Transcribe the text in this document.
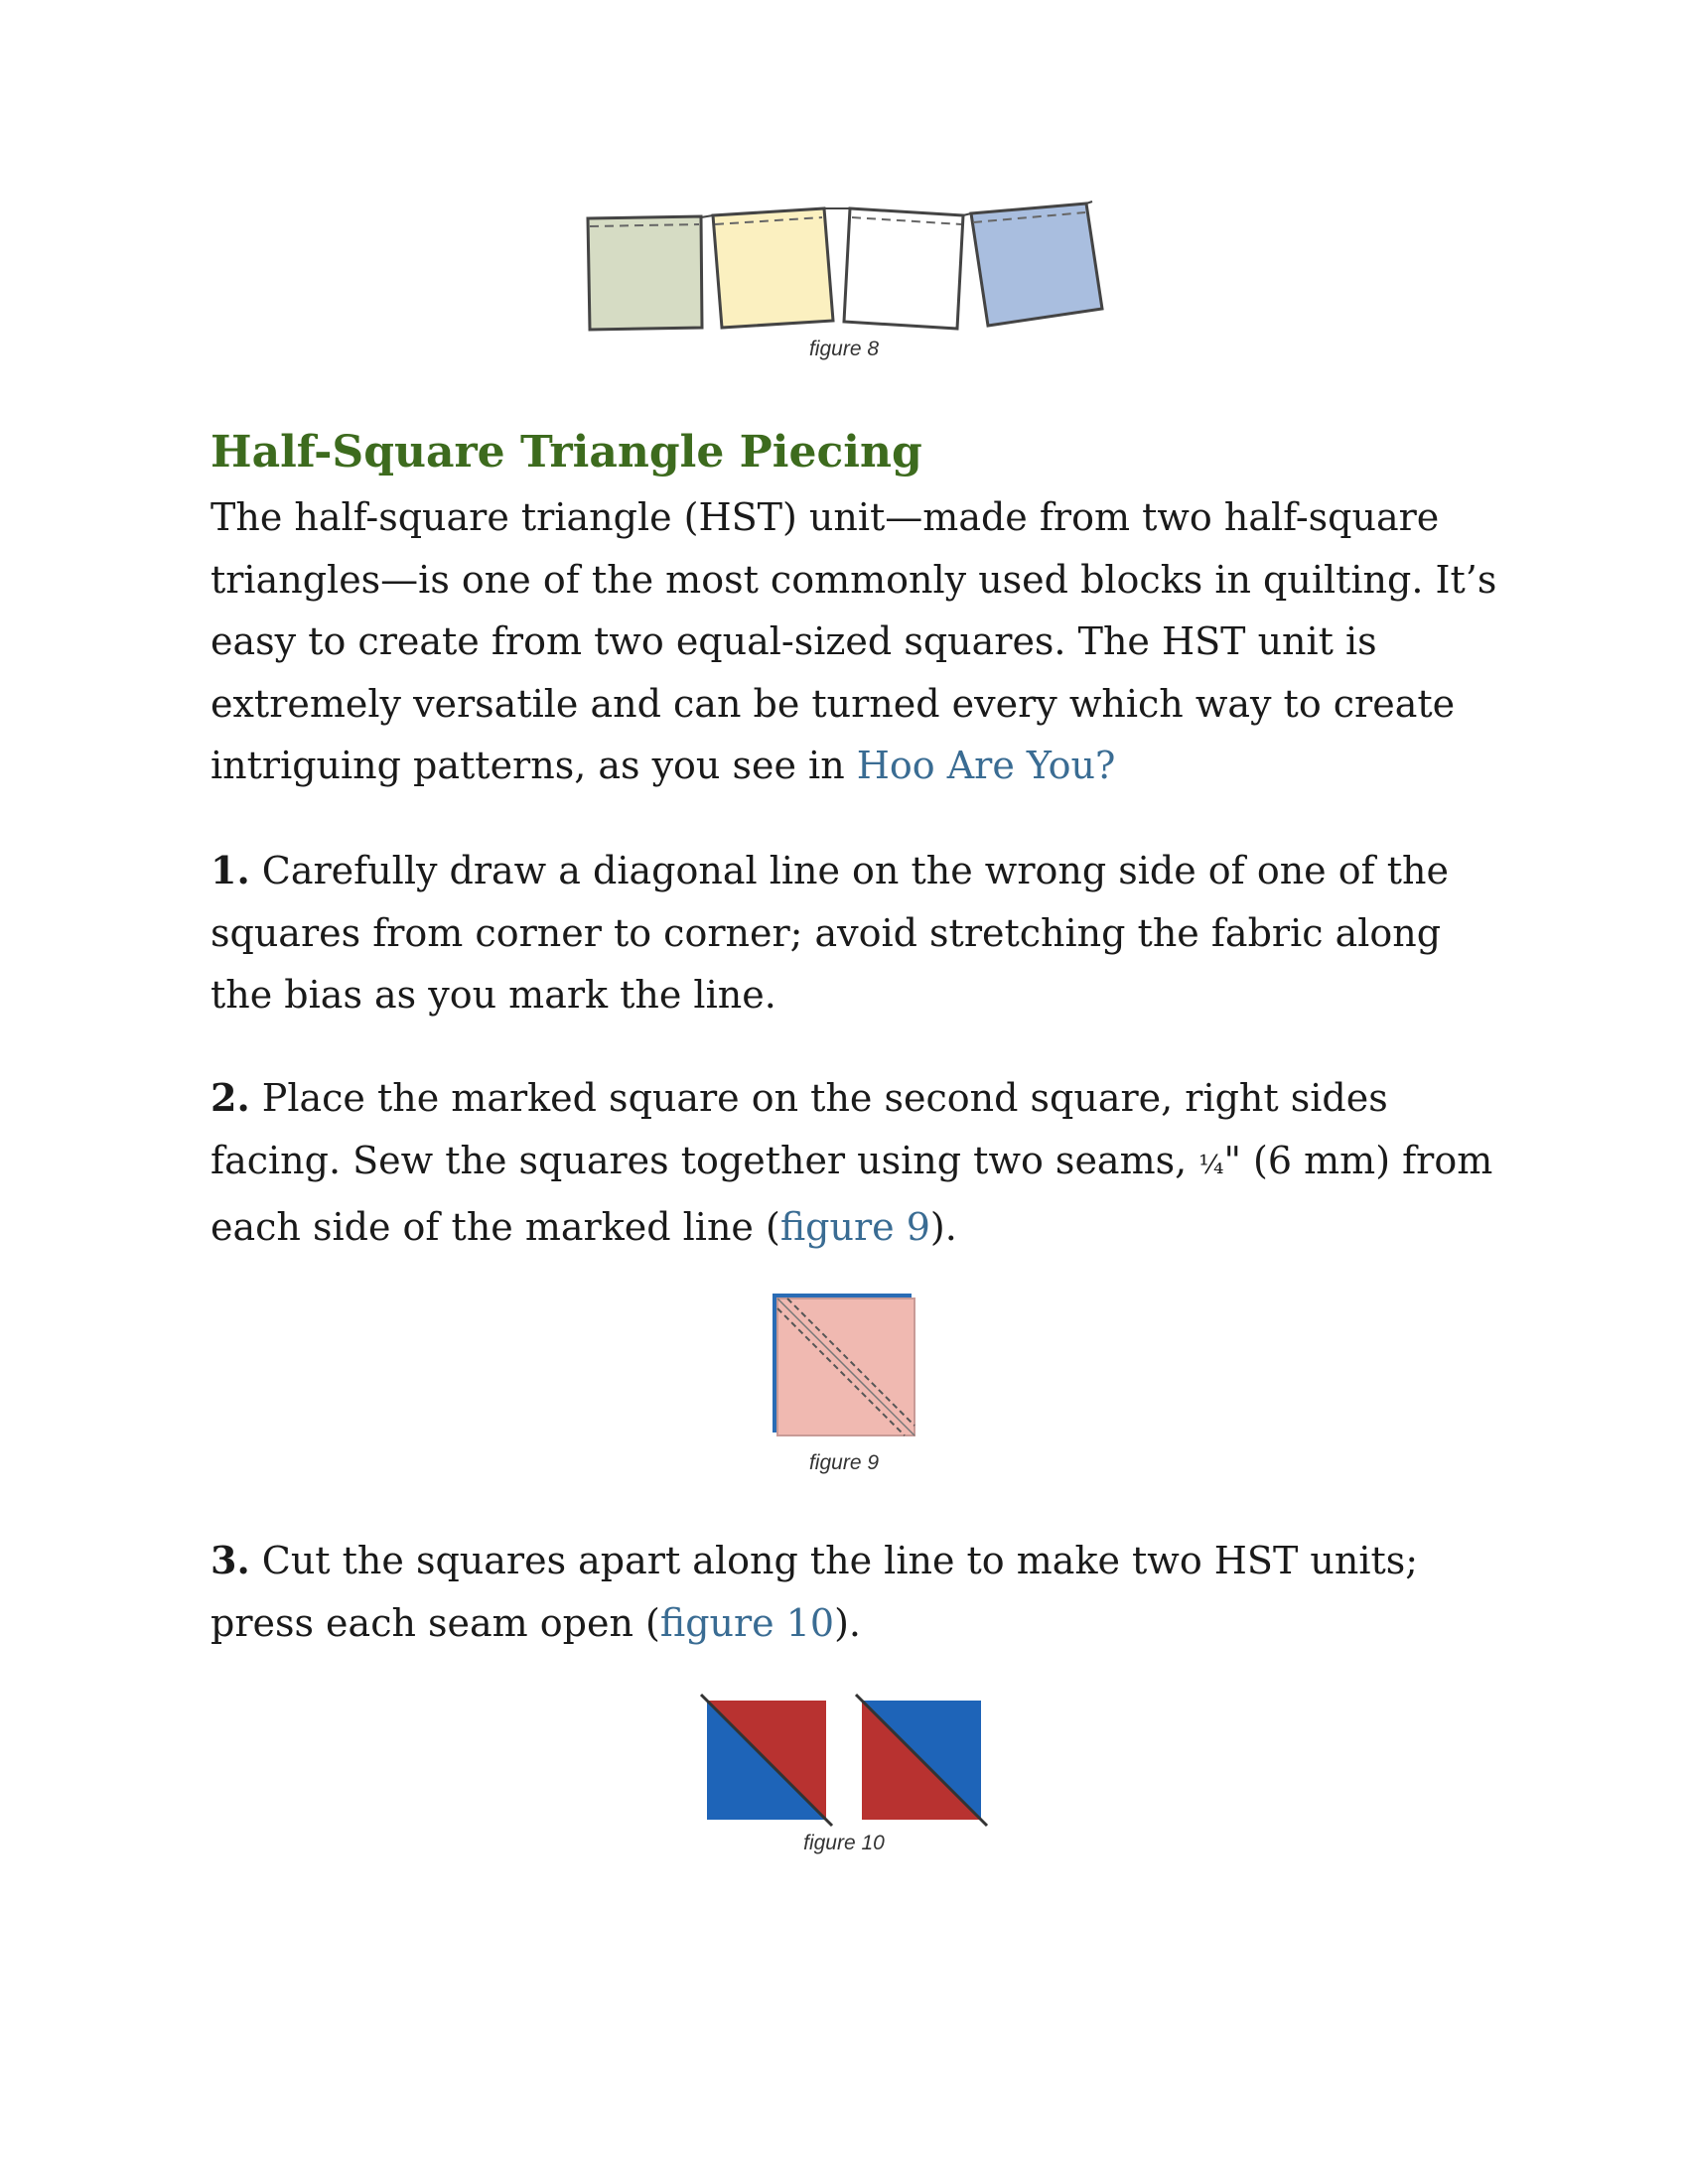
figure 8
Half-Square Triangle Piecing

The half-square triangle (HST) unit—made from two half-square triangles—is one of the most commonly used blocks in quilting. It’s easy to create from two equal-sized squares. The HST unit is extremely versatile and can be turned every which way to create intriguing patterns, as you see in Hoo Are You?

1. Carefully draw a diagonal line on the wrong side of one of the squares from corner to corner; avoid stretching the fabric along the bias as you mark the line.

2. Place the marked square on the second square, right sides facing. Sew the squares together using two seams, ¼" (6 mm) from each side of the marked line (figure 9).

figure 9

3. Cut the squares apart along the line to make two HST units; press each seam open (figure 10).

figure 10
